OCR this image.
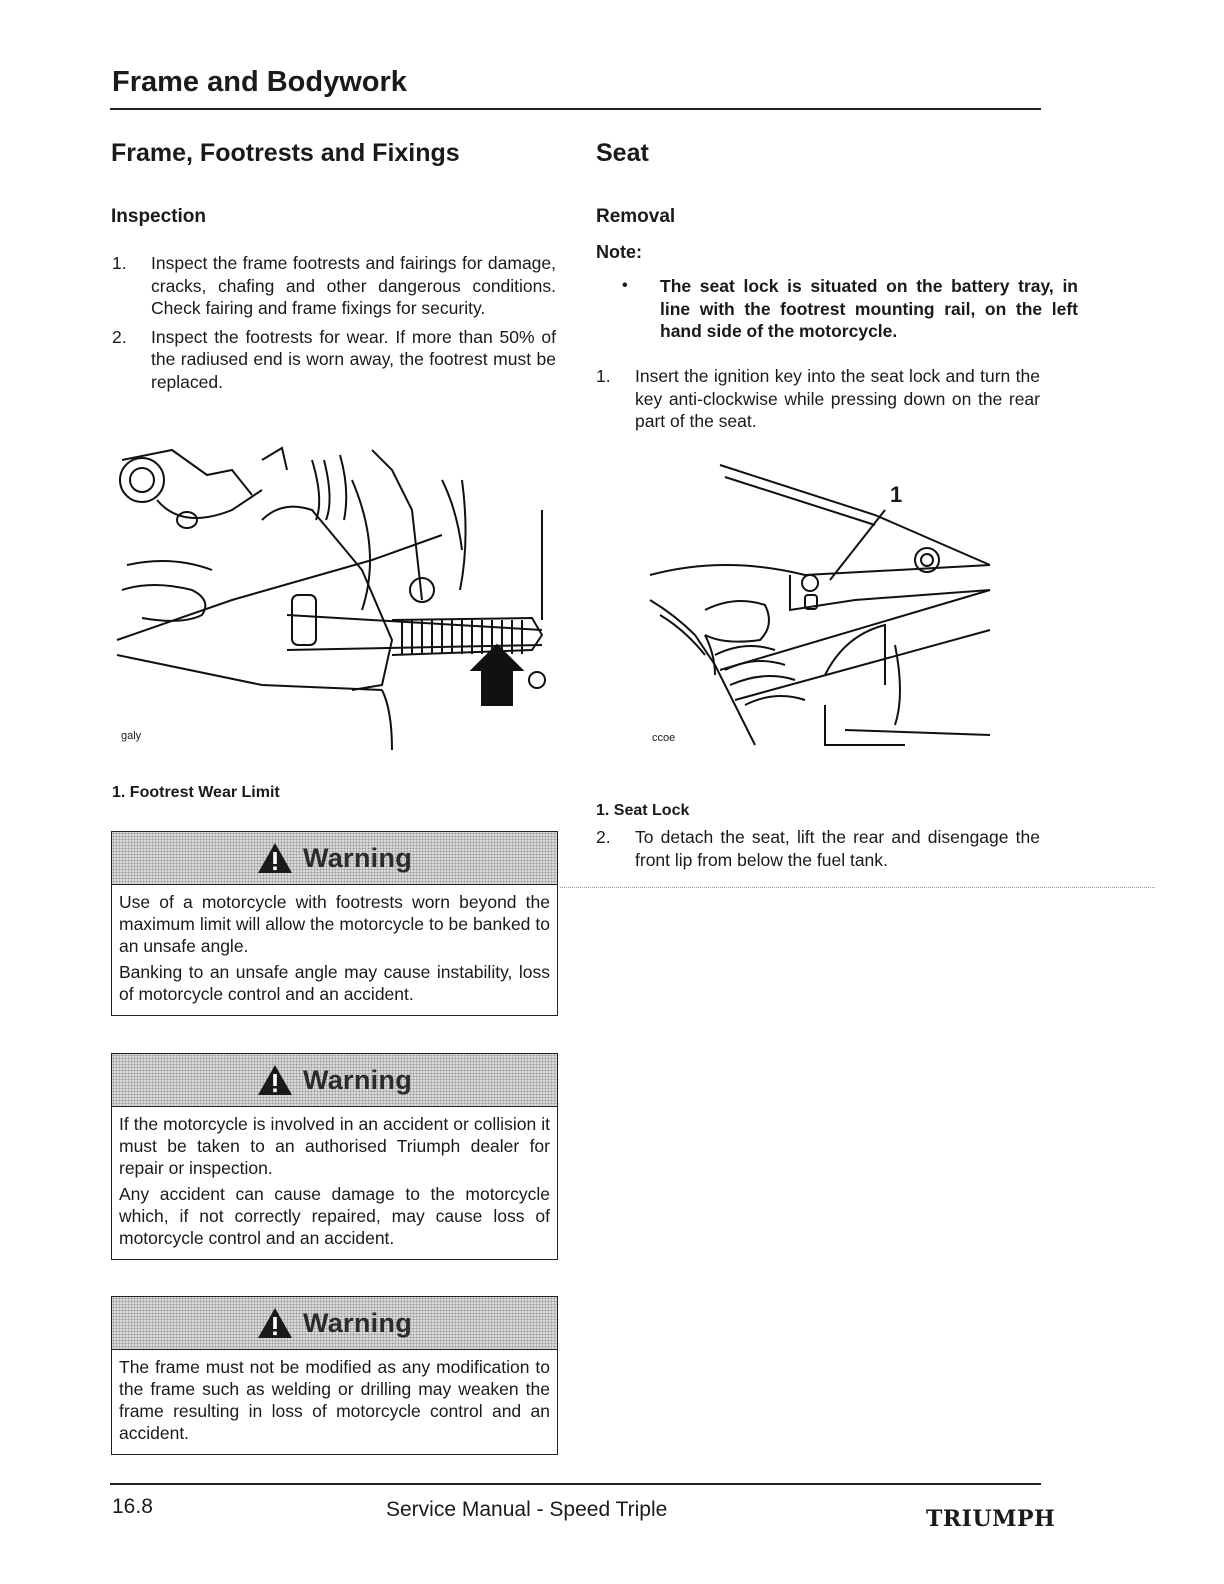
Frame and Bodywork
Frame, Footrests and Fixings
Inspection
1. Inspect the frame footrests and fairings for damage, cracks, chafing and other dangerous conditions. Check fairing and frame fixings for security.
2. Inspect the footrests for wear. If more than 50% of the radiused end is worn away, the footrest must be replaced.
galy
1. Footrest Wear Limit
Warning

Use of a motorcycle with footrests worn beyond the maximum limit will allow the motorcycle to be banked to an unsafe angle.

Banking to an unsafe angle may cause instability, loss of motorcycle control and an accident.

Warning

If the motorcycle is involved in an accident or collision it must be taken to an authorised Triumph dealer for repair or inspection.

Any accident can cause damage to the motorcycle which, if not correctly repaired, may cause loss of motorcycle control and an accident.

Warning

The frame must not be modified as any modification to the frame such as welding or drilling may weaken the frame resulting in loss of motorcycle control and an accident.

Seat
Removal
Note:
• The seat lock is situated on the battery tray, in line with the footrest mounting rail, on the left hand side of the motorcycle.
1. Insert the ignition key into the seat lock and turn the key anti-clockwise while pressing down on the rear part of the seat.
1
ccoe
1. Seat Lock
2. To detach the seat, lift the rear and disengage the front lip from below the fuel tank.
16.8	Service Manual - Speed Triple	TRIUMPH
